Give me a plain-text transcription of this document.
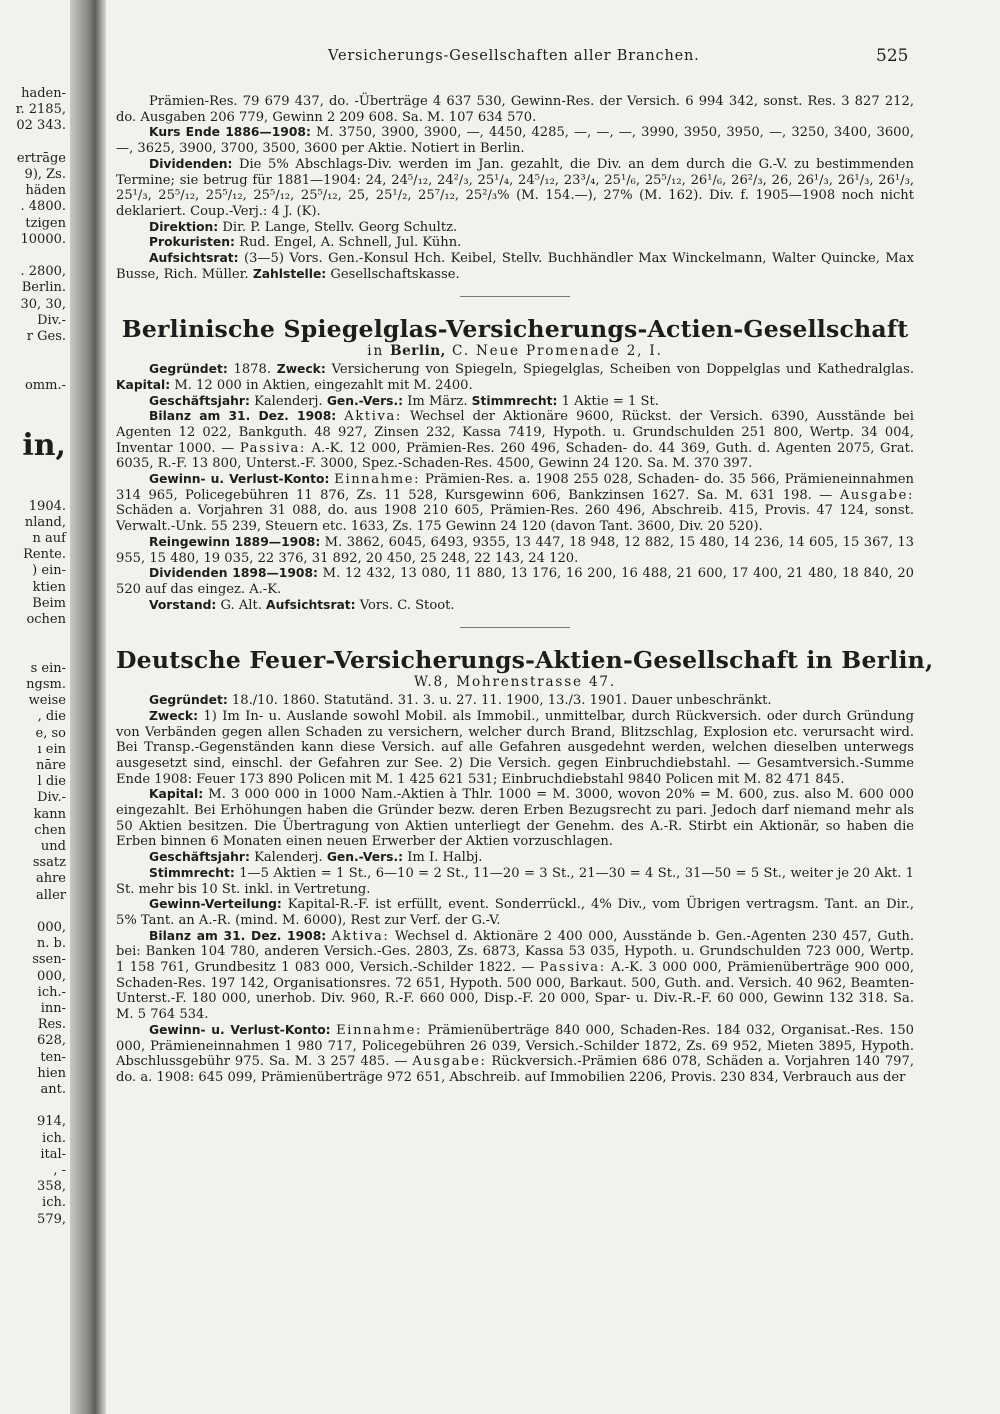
Versicherungs-Gesellschaften aller Branchen.	525
haden-
r. 2185,
02 343.

ertrāge
9), Zs.
häden
. 4800.
tzigen
10000.

. 2800,
Berlin.
30, 30,
Div.-
r Ges.

omm.-

in,

1904.
nland,
n auf
Rente.
) ein-
ktien
Beim
ochen

s ein-
ngsm.
weise
, die
e, so
ı ein
nāre
l die
Div.-
kann
chen
und
ssatz
ahre
aller

000,
n. b.
ssen-
000,
ich.-
inn-
Res.
628,
ten-
hien
ant.

914,
ich.
ital-
, -
358,
ich.
579,

Prämien-Res. 79 679 437, do. -Überträge 4 637 530, Gewinn-Res. der Versich. 6 994 342, sonst. Res. 3 827 212, do. Ausgaben 206 779, Gewinn 2 209 608. Sa. M. 107 634 570.

Kurs Ende 1886—1908: M. 3750, 3900, 3900, —, 4450, 4285, —, —, —, 3990, 3950, 3950, —, 3250, 3400, 3600, —, 3625, 3900, 3700, 3500, 3600 per Aktie. Notiert in Berlin.

Dividenden: Die 5% Abschlags-Div. werden im Jan. gezahlt, die Div. an dem durch die G.-V. zu bestimmenden Termine; sie betrug für 1881—1904: 24, 24⁵/₁₂, 24²/₃, 25¹/₄, 24⁵/₁₂, 23³/₄, 25¹/₆, 25⁵/₁₂, 26¹/₆, 26²/₃, 26, 26¹/₃, 26¹/₃, 26¹/₃, 25¹/₃, 25⁵/₁₂, 25⁵/₁₂, 25⁵/₁₂, 25⁵/₁₂, 25, 25¹/₂, 25⁷/₁₂, 25²/₃% (M. 154.—), 27% (M. 162). Div. f. 1905—1908 noch nicht deklariert. Coup.-Verj.: 4 J. (K).

Direktion: Dir. P. Lange, Stellv. Georg Schultz.

Prokuristen: Rud. Engel, A. Schnell, Jul. Kühn.

Aufsichtsrat: (3—5) Vors. Gen.-Konsul Hch. Keibel, Stellv. Buchhändler Max Winckelmann, Walter Quincke, Max Busse, Rich. Müller. Zahlstelle: Gesellschaftskasse.

Berlinische Spiegelglas-Versicherungs-Actien-Gesellschaft
in Berlin, C. Neue Promenade 2, I.

Gegründet: 1878. Zweck: Versicherung von Spiegeln, Spiegelglas, Scheiben von Doppelglas und Kathedralglas. Kapital: M. 12 000 in Aktien, eingezahlt mit M. 2400.

Geschäftsjahr: Kalenderj. Gen.-Vers.: Im März. Stimmrecht: 1 Aktie = 1 St.

Bilanz am 31. Dez. 1908: Aktiva: Wechsel der Aktionäre 9600, Rückst. der Versich. 6390, Ausstände bei Agenten 12 022, Bankguth. 48 927, Zinsen 232, Kassa 7419, Hypoth. u. Grundschulden 251 800, Wertp. 34 004, Inventar 1000. — Passiva: A.-K. 12 000, Prämien-Res. 260 496, Schaden- do. 44 369, Guth. d. Agenten 2075, Grat. 6035, R.-F. 13 800, Unterst.-F. 3000, Spez.-Schaden-Res. 4500, Gewinn 24 120. Sa. M. 370 397.

Gewinn- u. Verlust-Konto: Einnahme: Prämien-Res. a. 1908 255 028, Schaden- do. 35 566, Prämieneinnahmen 314 965, Policegebühren 11 876, Zs. 11 528, Kursgewinn 606, Bankzinsen 1627. Sa. M. 631 198. — Ausgabe: Schäden a. Vorjahren 31 088, do. aus 1908 210 605, Prämien-Res. 260 496, Abschreib. 415, Provis. 47 124, sonst. Verwalt.-Unk. 55 239, Steuern etc. 1633, Zs. 175 Gewinn 24 120 (davon Tant. 3600, Div. 20 520).

Reingewinn 1889—1908: M. 3862, 6045, 6493, 9355, 13 447, 18 948, 12 882, 15 480, 14 236, 14 605, 15 367, 13 955, 15 480, 19 035, 22 376, 31 892, 20 450, 25 248, 22 143, 24 120.

Dividenden 1898—1908: M. 12 432, 13 080, 11 880, 13 176, 16 200, 16 488, 21 600, 17 400, 21 480, 18 840, 20 520 auf das eingez. A.-K.

Vorstand: G. Alt. Aufsichtsrat: Vors. C. Stoot.

Deutsche Feuer-Versicherungs-Aktien-Gesellschaft in Berlin,
W.8, Mohrenstrasse 47.

Gegründet: 18./10. 1860. Statutänd. 31. 3. u. 27. 11. 1900, 13./3. 1901. Dauer unbeschränkt.

Zweck: 1) Im In- u. Auslande sowohl Mobil. als Immobil., unmittelbar, durch Rückversich. oder durch Gründung von Verbänden gegen allen Schaden zu versichern, welcher durch Brand, Blitzschlag, Explosion etc. verursacht wird. Bei Transp.-Gegenständen kann diese Versich. auf alle Gefahren ausgedehnt werden, welchen dieselben unterwegs ausgesetzt sind, einschl. der Gefahren zur See. 2) Die Versich. gegen Einbruchdiebstahl. — Gesamtversich.-Summe Ende 1908: Feuer 173 890 Policen mit M. 1 425 621 531; Einbruchdiebstahl 9840 Policen mit M. 82 471 845.

Kapital: M. 3 000 000 in 1000 Nam.-Aktien à Thlr. 1000 = M. 3000, wovon 20% = M. 600, zus. also M. 600 000 eingezahlt. Bei Erhöhungen haben die Gründer bezw. deren Erben Bezugsrecht zu pari. Jedoch darf niemand mehr als 50 Aktien besitzen. Die Übertragung von Aktien unterliegt der Genehm. des A.-R. Stirbt ein Aktionär, so haben die Erben binnen 6 Monaten einen neuen Erwerber der Aktien vorzuschlagen.

Geschäftsjahr: Kalenderj. Gen.-Vers.: Im I. Halbj.

Stimmrecht: 1—5 Aktien = 1 St., 6—10 = 2 St., 11—20 = 3 St., 21—30 = 4 St., 31—50 = 5 St., weiter je 20 Akt. 1 St. mehr bis 10 St. inkl. in Vertretung.

Gewinn-Verteilung: Kapital-R.-F. ist erfüllt, event. Sonderrückl., 4% Div., vom Übrigen vertragsm. Tant. an Dir., 5% Tant. an A.-R. (mind. M. 6000), Rest zur Verf. der G.-V.

Bilanz am 31. Dez. 1908: Aktiva: Wechsel d. Aktionäre 2 400 000, Ausstände b. Gen.-Agenten 230 457, Guth. bei: Banken 104 780, anderen Versich.-Ges. 2803, Zs. 6873, Kassa 53 035, Hypoth. u. Grundschulden 723 000, Wertp. 1 158 761, Grundbesitz 1 083 000, Versich.-Schilder 1822. — Passiva: A.-K. 3 000 000, Prämienüberträge 900 000, Schaden-Res. 197 142, Organisationsres. 72 651, Hypoth. 500 000, Barkaut. 500, Guth. and. Versich. 40 962, Beamten-Unterst.-F. 180 000, unerhob. Div. 960, R.-F. 660 000, Disp.-F. 20 000, Spar- u. Div.-R.-F. 60 000, Gewinn 132 318. Sa. M. 5 764 534.

Gewinn- u. Verlust-Konto: Einnahme: Prämienüberträge 840 000, Schaden-Res. 184 032, Organisat.-Res. 150 000, Prämieneinnahmen 1 980 717, Policegebühren 26 039, Versich.-Schilder 1872, Zs. 69 952, Mieten 3895, Hypoth. Abschlussgebühr 975. Sa. M. 3 257 485. — Ausgabe: Rückversich.-Prämien 686 078, Schäden a. Vorjahren 140 797, do. a. 1908: 645 099, Prämienüberträge 972 651, Abschreib. auf Immobilien 2206, Provis. 230 834, Verbrauch aus der
